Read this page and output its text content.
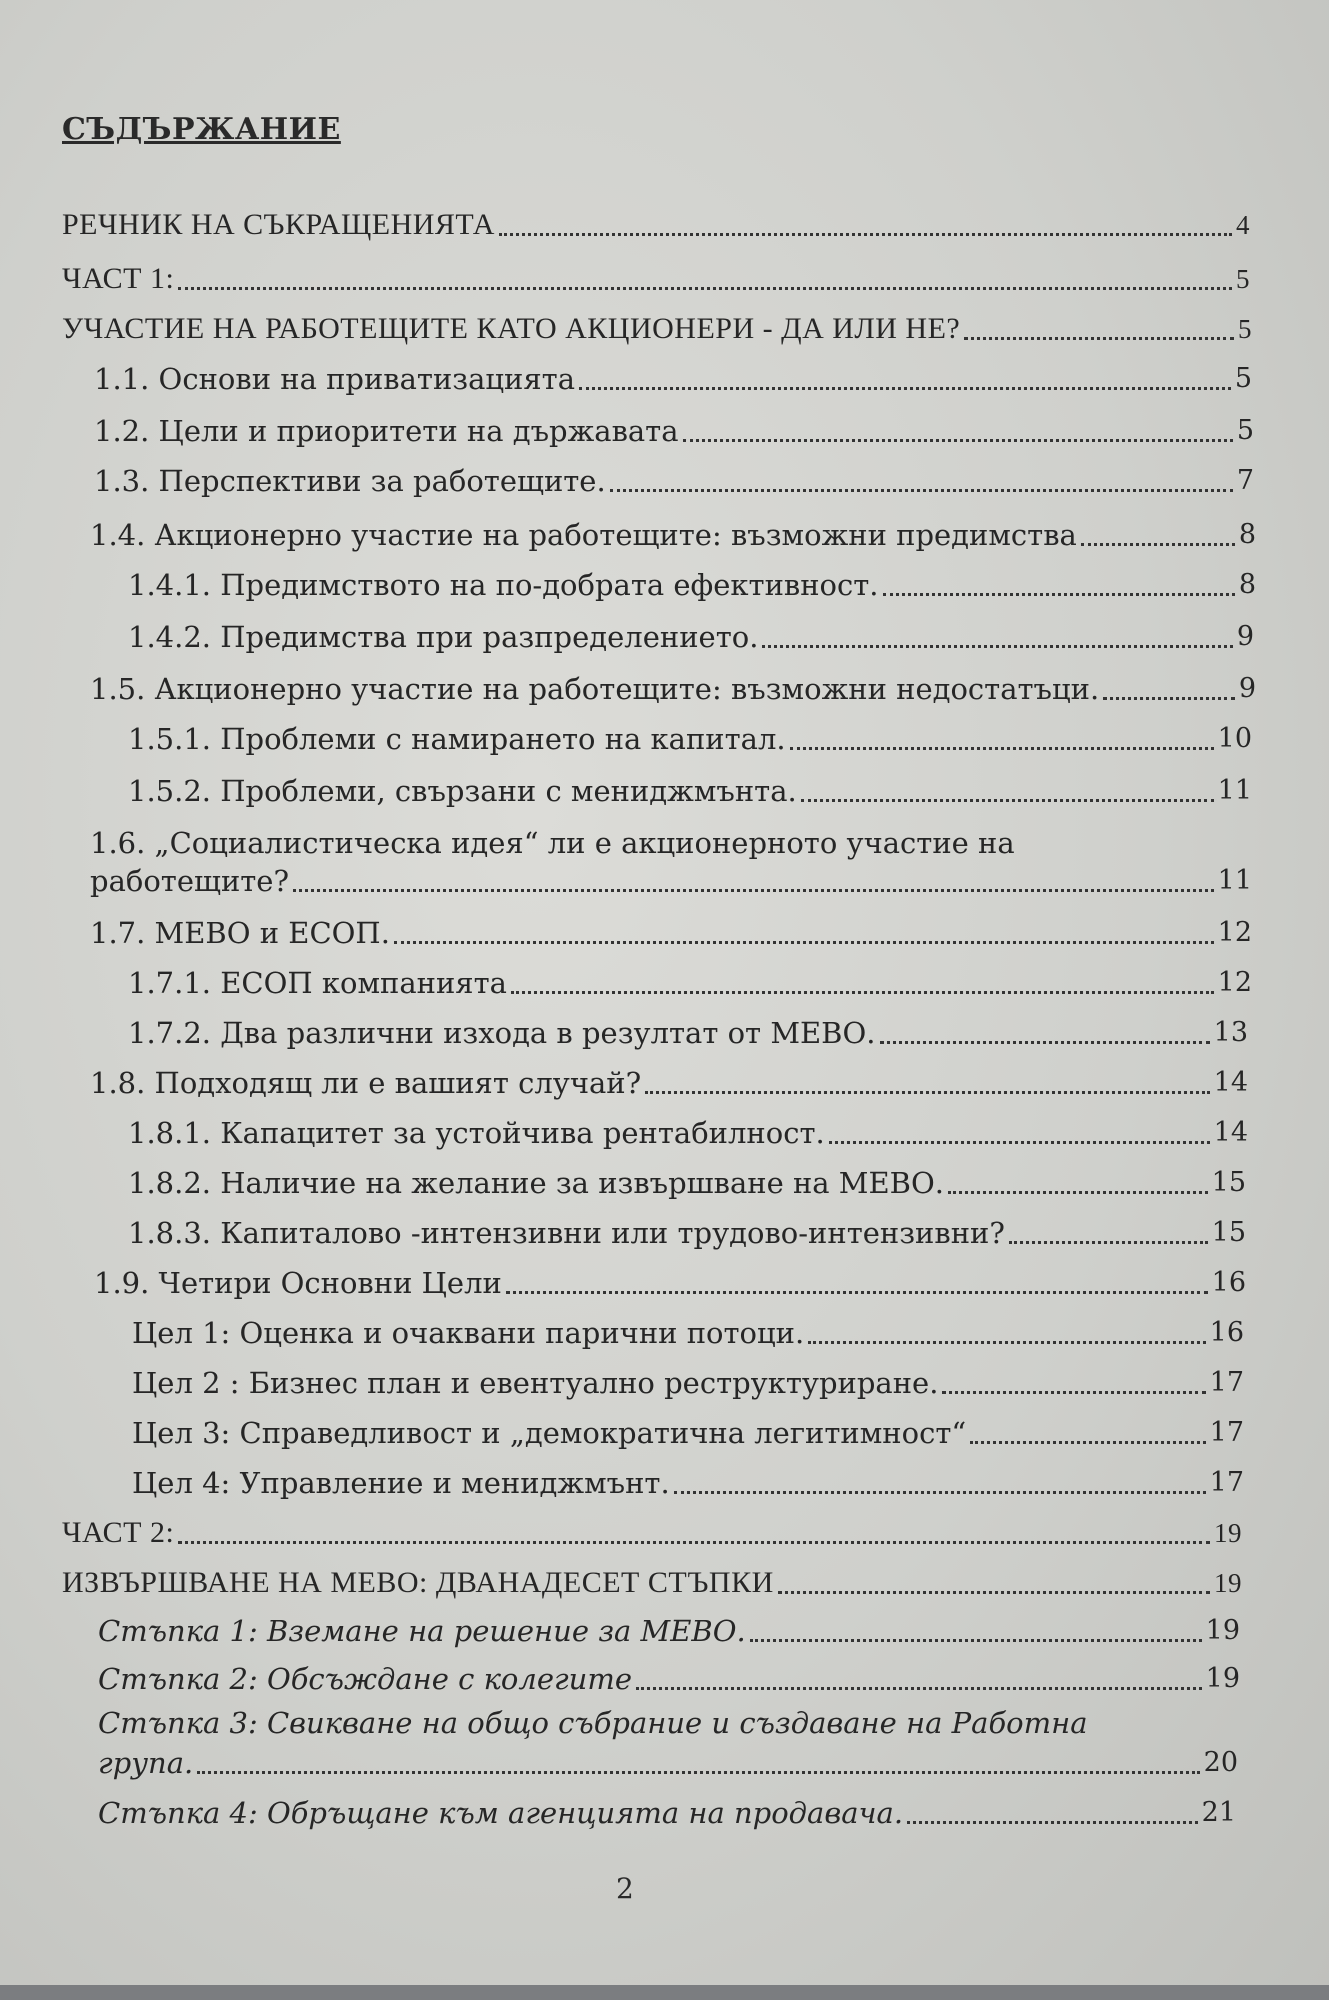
СЪДЪРЖАНИЕ
РЕЧНИК НА СЪКРАЩЕНИЯТА	4
ЧАСТ 1:	5
УЧАСТИЕ НА РАБОТЕЩИТЕ КАТО АКЦИОНЕРИ - ДА ИЛИ НЕ?	5
1.1. Основи на приватизацията	5
1.2. Цели и приоритети на държавата	5
1.3. Перспективи за работещите.	7
1.4. Акционерно участие на работещите: възможни предимства	8
1.4.1. Предимството на по-добрата ефективност.	8
1.4.2. Предимства при разпределението.	9
1.5. Акционерно участие на работещите: възможни недостатъци.	9
1.5.1. Проблеми с намирането на капитал.	10
1.5.2. Проблеми, свързани с мениджмънта.	11
1.6. „Социалистическа идея“ ли е акционерното участие на
работещите?	11
1.7. МЕВО и ЕСОП.	12
1.7.1. ЕСОП компанията	12
1.7.2. Два различни изхода в резултат от МЕВО.	13
1.8. Подходящ ли е вашият случай?	14
1.8.1. Капацитет за устойчива рентабилност.	14
1.8.2. Наличие на желание за извършване на МЕВО.	15
1.8.3. Капиталово -интензивни или трудово-интензивни?	15
1.9. Четири Основни Цели	16
Цел 1: Оценка и очаквани парични потоци.	16
Цел 2 : Бизнес план и евентуално реструктуриране.	17
Цел 3: Справедливост и „демократична легитимност“	17
Цел 4: Управление и мениджмънт.	17
ЧАСТ 2:	19
ИЗВЪРШВАНЕ НА МЕВО: ДВАНАДЕСЕТ СТЪПКИ	19
Стъпка 1: Вземане на решение за МЕВО.	19
Стъпка 2: Обсъждане с колегите	19
Стъпка 3: Свикване на общо събрание и създаване на Работна
група.	20
Стъпка 4: Обръщане към агенцията на продавача.	21
2
